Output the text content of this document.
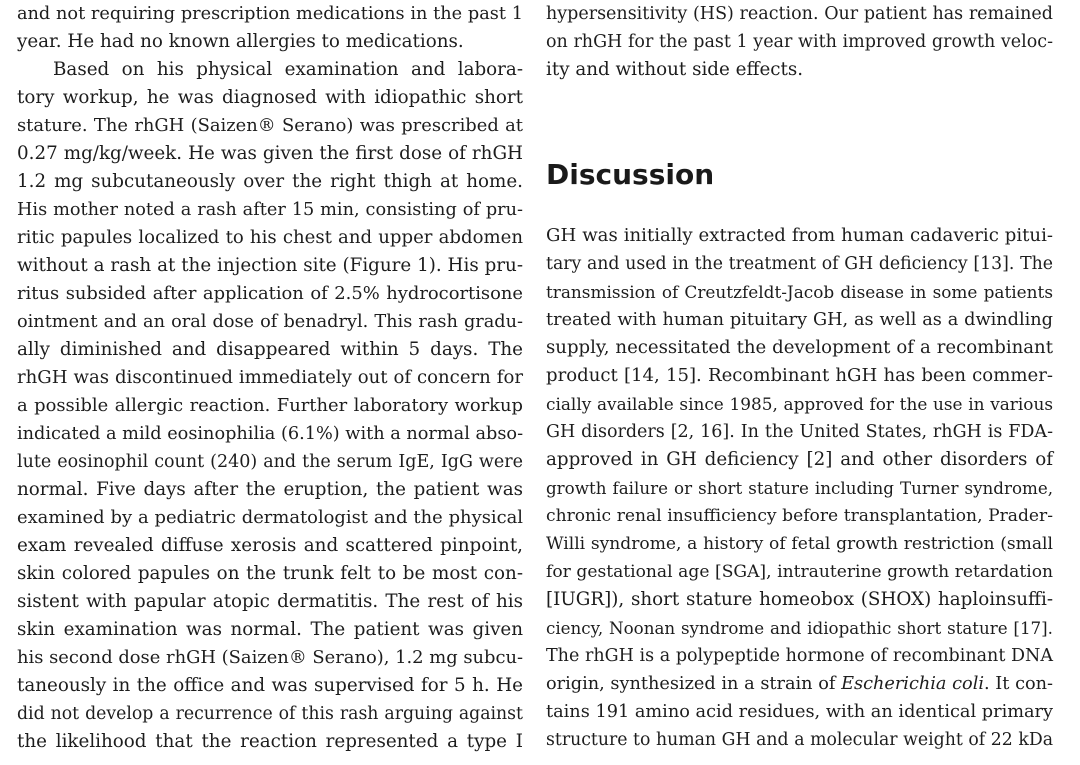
and not requiring prescription medications in the past 1
year. He had no known allergies to medications.
Based on his physical examination and labora-
tory workup, he was diagnosed with idiopathic short
stature. The rhGH (Saizen® Serano) was prescribed at
0.27 mg/kg/week. He was given the first dose of rhGH
1.2 mg subcutaneously over the right thigh at home.
His mother noted a rash after 15 min, consisting of pru-
ritic papules localized to his chest and upper abdomen
without a rash at the injection site (Figure 1). His pru-
ritus subsided after application of 2.5% hydrocortisone
ointment and an oral dose of benadryl. This rash gradu-
ally diminished and disappeared within 5 days. The
rhGH was discontinued immediately out of concern for
a possible allergic reaction. Further laboratory workup
indicated a mild eosinophilia (6.1%) with a normal abso-
lute eosinophil count (240) and the serum IgE, IgG were
normal. Five days after the eruption, the patient was
examined by a pediatric dermatologist and the physical
exam revealed diffuse xerosis and scattered pinpoint,
skin colored papules on the trunk felt to be most con-
sistent with papular atopic dermatitis. The rest of his
skin examination was normal. The patient was given
his second dose rhGH (Saizen® Serano), 1.2 mg subcu-
taneously in the office and was supervised for 5 h. He
did not develop a recurrence of this rash arguing against
the likelihood that the reaction represented a type I
hypersensitivity (HS) reaction. Our patient has remained
on rhGH for the past 1 year with improved growth veloc-
ity and without side effects.
Discussion
GH was initially extracted from human cadaveric pitui-
tary and used in the treatment of GH deficiency [13]. The
transmission of Creutzfeldt-Jacob disease in some patients
treated with human pituitary GH, as well as a dwindling
supply, necessitated the development of a recombinant
product [14, 15]. Recombinant hGH has been commer-
cially available since 1985, approved for the use in various
GH disorders [2, 16]. In the United States, rhGH is FDA-
approved in GH deficiency [2] and other disorders of
growth failure or short stature including Turner syndrome,
chronic renal insufficiency before transplantation, Prader-
Willi syndrome, a history of fetal growth restriction (small
for gestational age [SGA], intrauterine growth retardation
[IUGR]), short stature homeobox (SHOX) haploinsuffi-
ciency, Noonan syndrome and idiopathic short stature [17].
The rhGH is a polypeptide hormone of recombinant DNA
origin, synthesized in a strain of Escherichia coli. It con-
tains 191 amino acid residues, with an identical primary
structure to human GH and a molecular weight of 22 kDa
